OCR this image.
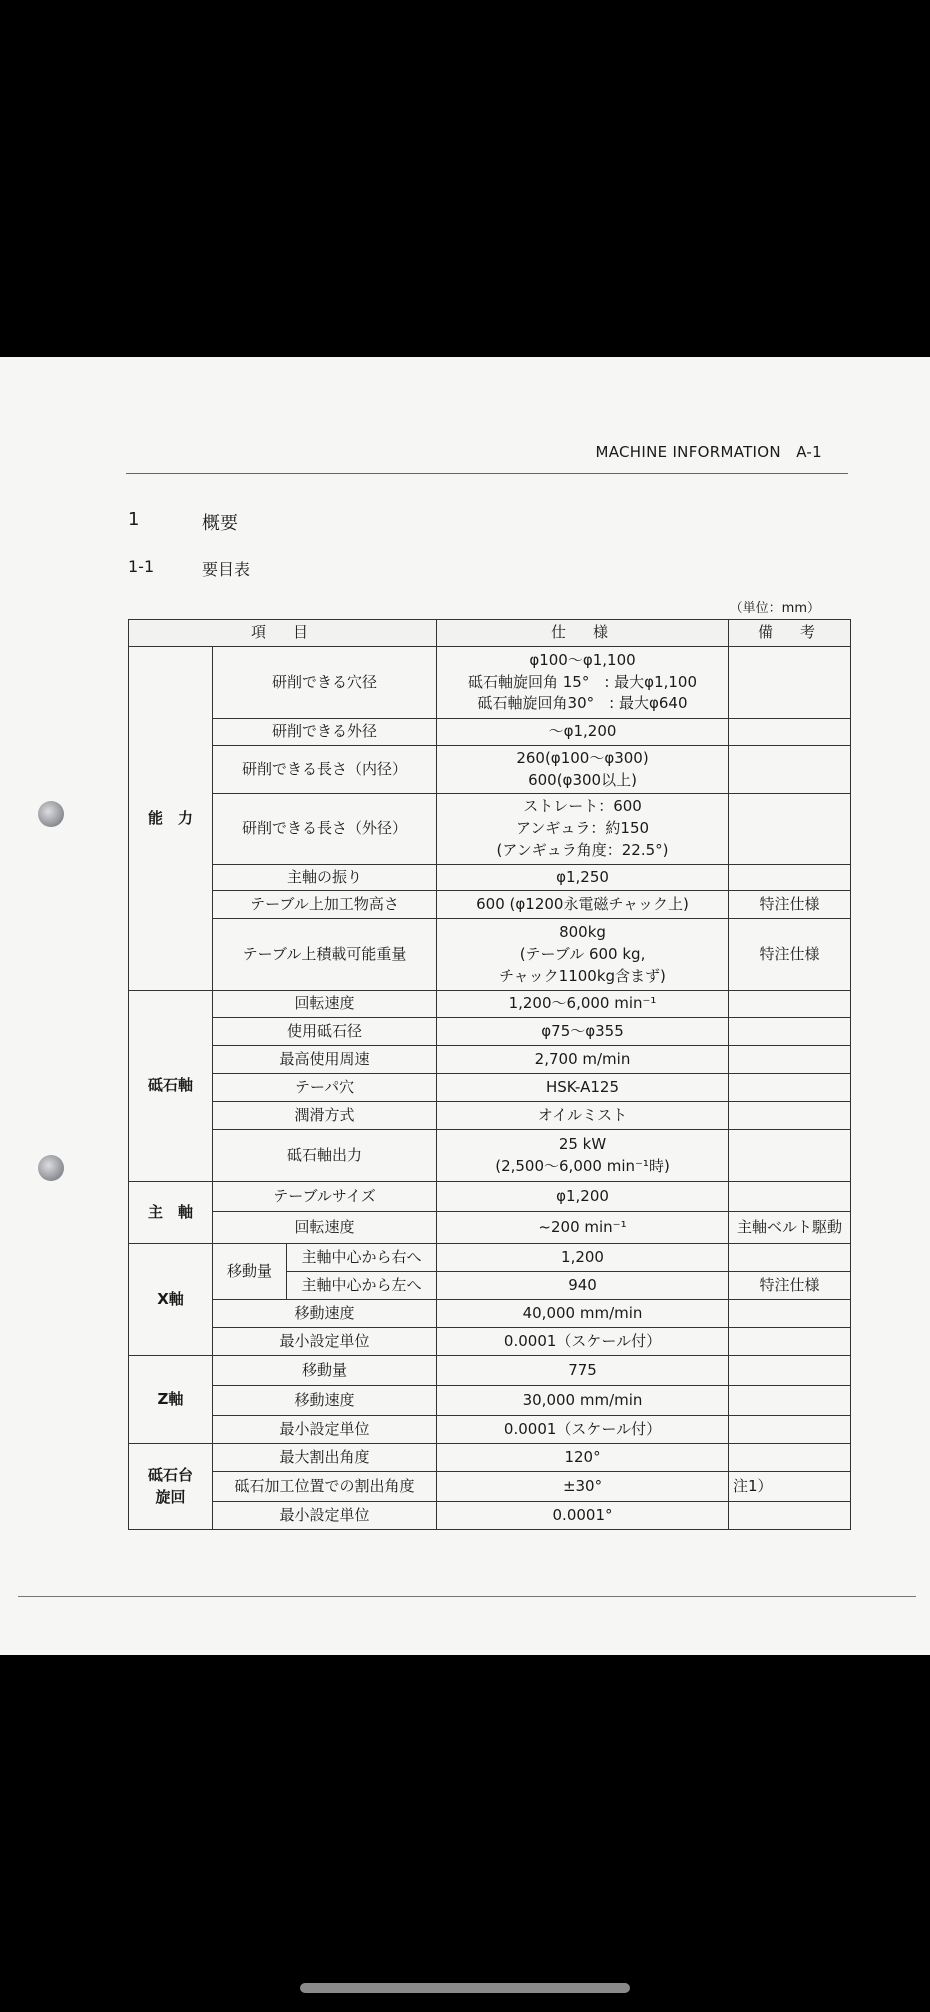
MACHINE INFORMATION　A-1
1	概要
1-1	要目表
（単位：mm）
項　目			仕　様	備　考
能　力	研削できる穴径		φ100〜φ1,100
砥石軸旋回角 15°　: 最大φ1,100
砥石軸旋回角30°　: 最大φ640	
	研削できる外径		〜φ1,200	
	研削できる長さ（内径）		260(φ100〜φ300)
600(φ300以上)	
	研削できる長さ（外径）		ストレート：600
アンギュラ：約150
(アンギュラ角度：22.5°)	
	主軸の振り		φ1,250	
	テーブル上加工物高さ		600 (φ1200永電磁チャック上)	特注仕様
	テーブル上積載可能重量		800kg
(テーブル 600 kg,
チャック1100kg含まず)	特注仕様
砥石軸	回転速度		1,200〜6,000 min⁻¹	
	使用砥石径		φ75〜φ355	
	最高使用周速		2,700 m/min	
	テーパ穴		HSK-A125	
	潤滑方式		オイルミスト	
	砥石軸出力		25 kW
(2,500〜6,000 min⁻¹時)	
主　軸	テーブルサイズ		φ1,200	
	回転速度		~200 min⁻¹	主軸ベルト駆動
X軸	移動量	主軸中心から右へ	1,200	
		主軸中心から左へ	940	特注仕様
	移動速度		40,000 mm/min	
	最小設定単位		0.0001（スケール付）	
Z軸	移動量		775	
	移動速度		30,000 mm/min	
	最小設定単位		0.0001（スケール付）	
砥石台
旋回	最大割出角度		120°	
	砥石加工位置での割出角度		±30°	注1）
	最小設定単位		0.0001°	
